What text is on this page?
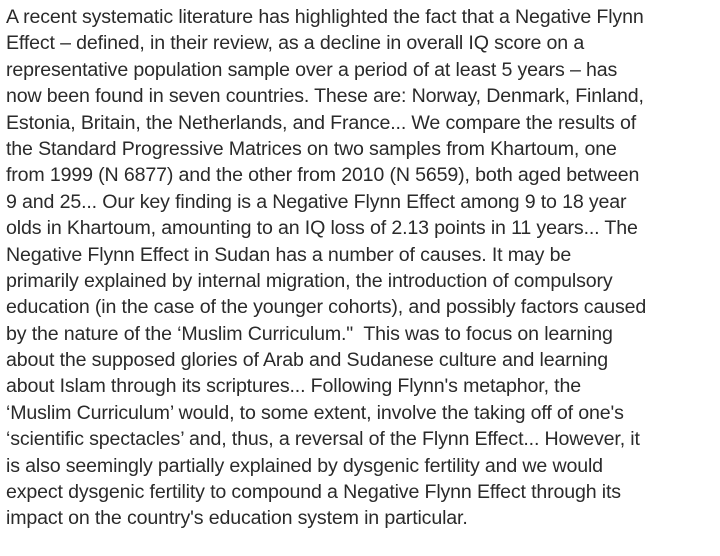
A recent systematic literature has highlighted the fact that a Negative Flynn
Effect – defined, in their review, as a decline in overall IQ score on a
representative population sample over a period of at least 5 years – has
now been found in seven countries. These are: Norway, Denmark, Finland,
Estonia, Britain, the Netherlands, and France... We compare the results of
the Standard Progressive Matrices on two samples from Khartoum, one
from 1999 (N 6877) and the other from 2010 (N 5659), both aged between
9 and 25... Our key finding is a Negative Flynn Effect among 9 to 18 year
olds in Khartoum, amounting to an IQ loss of 2.13 points in 11 years... The
Negative Flynn Effect in Sudan has a number of causes. It may be
primarily explained by internal migration, the introduction of compulsory
education (in the case of the younger cohorts), and possibly factors caused
by the nature of the ‘Muslim Curriculum."  This was to focus on learning
about the supposed glories of Arab and Sudanese culture and learning
about Islam through its scriptures... Following Flynn's metaphor, the
‘Muslim Curriculum’ would, to some extent, involve the taking off of one's
‘scientific spectacles’ and, thus, a reversal of the Flynn Effect... However, it
is also seemingly partially explained by dysgenic fertility and we would
expect dysgenic fertility to compound a Negative Flynn Effect through its
impact on the country's education system in particular.
